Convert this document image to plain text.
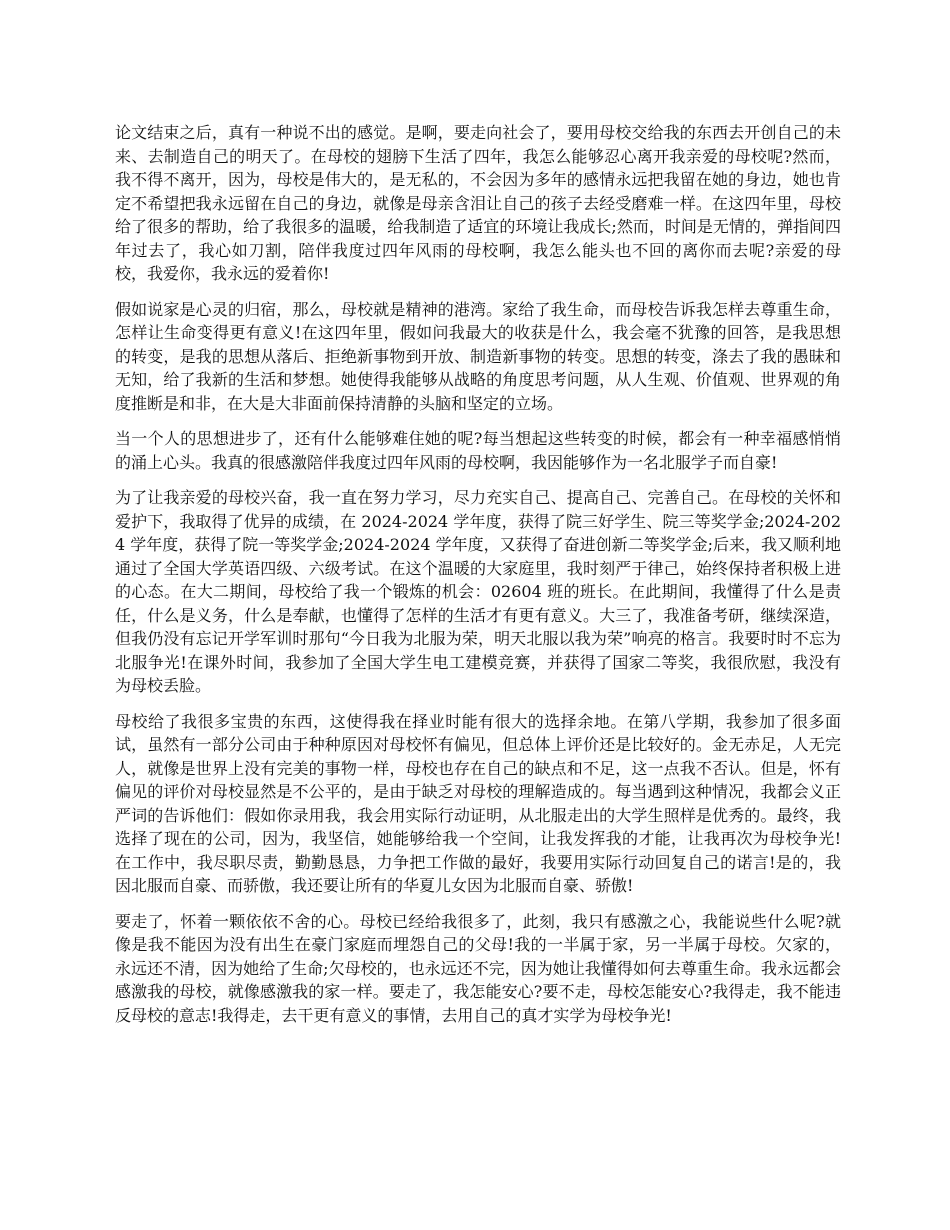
论文结束之后，真有一种说不出的感觉。是啊，要走向社会了，要用母校交给我的东西去开创自己的未来、去制造自己的明天了。在母校的翅膀下生活了四年，我怎么能够忍心离开我亲爱的母校呢?然而，我不得不离开，因为，母校是伟大的，是无私的，不会因为多年的感情永远把我留在她的身边，她也肯定不希望把我永远留在自己的身边，就像是母亲含泪让自己的孩子去经受磨难一样。在这四年里，母校给了很多的帮助，给了我很多的温暖，给我制造了适宜的环境让我成长;然而，时间是无情的，弹指间四年过去了，我心如刀割，陪伴我度过四年风雨的母校啊，我怎么能头也不回的离你而去呢?亲爱的母校，我爱你，我永远的爱着你!

假如说家是心灵的归宿，那么，母校就是精神的港湾。家给了我生命，而母校告诉我怎样去尊重生命，怎样让生命变得更有意义!在这四年里，假如问我最大的收获是什么，我会毫不犹豫的回答，是我思想的转变，是我的思想从落后、拒绝新事物到开放、制造新事物的转变。思想的转变，涤去了我的愚昧和无知，给了我新的生活和梦想。她使得我能够从战略的角度思考问题，从人生观、价值观、世界观的角度推断是和非，在大是大非面前保持清静的头脑和坚定的立场。

当一个人的思想进步了，还有什么能够难住她的呢?每当想起这些转变的时候，都会有一种幸福感悄悄的涌上心头。我真的很感激陪伴我度过四年风雨的母校啊，我因能够作为一名北服学子而自豪!

为了让我亲爱的母校兴奋，我一直在努力学习，尽力充实自己、提高自己、完善自己。在母校的关怀和爱护下，我取得了优异的成绩，在 2024-2024 学年度，获得了院三好学生、院三等奖学金;2024-2024 学年度，获得了院一等奖学金;2024-2024 学年度，又获得了奋进创新二等奖学金;后来，我又顺利地通过了全国大学英语四级、六级考试。在这个温暖的大家庭里，我时刻严于律己，始终保持者积极上进的心态。在大二期间，母校给了我一个锻炼的机会：02604 班的班长。在此期间，我懂得了什么是责任，什么是义务，什么是奉献，也懂得了怎样的生活才有更有意义。大三了，我准备考研，继续深造，但我仍没有忘记开学军训时那句“今日我为北服为荣，明天北服以我为荣”响亮的格言。我要时时不忘为北服争光!在课外时间，我参加了全国大学生电工建模竞赛，并获得了国家二等奖，我很欣慰，我没有为母校丢脸。

母校给了我很多宝贵的东西，这使得我在择业时能有很大的选择余地。在第八学期，我参加了很多面试，虽然有一部分公司由于种种原因对母校怀有偏见，但总体上评价还是比较好的。金无赤足，人无完人，就像是世界上没有完美的事物一样，母校也存在自己的缺点和不足，这一点我不否认。但是，怀有偏见的评价对母校显然是不公平的，是由于缺乏对母校的理解造成的。每当遇到这种情况，我都会义正严词的告诉他们：假如你录用我，我会用实际行动证明，从北服走出的大学生照样是优秀的。最终，我选择了现在的公司，因为，我坚信，她能够给我一个空间，让我发挥我的才能，让我再次为母校争光!在工作中，我尽职尽责，勤勤恳恳，力争把工作做的最好，我要用实际行动回复自己的诺言!是的，我因北服而自豪、而骄傲，我还要让所有的华夏儿女因为北服而自豪、骄傲!

要走了，怀着一颗依依不舍的心。母校已经给我很多了，此刻，我只有感激之心，我能说些什么呢?就像是我不能因为没有出生在豪门家庭而埋怨自己的父母!我的一半属于家，另一半属于母校。欠家的，永远还不清，因为她给了生命;欠母校的，也永远还不完，因为她让我懂得如何去尊重生命。我永远都会感激我的母校，就像感激我的家一样。要走了，我怎能安心?要不走，母校怎能安心?我得走，我不能违反母校的意志!我得走，去干更有意义的事情，去用自己的真才实学为母校争光!
